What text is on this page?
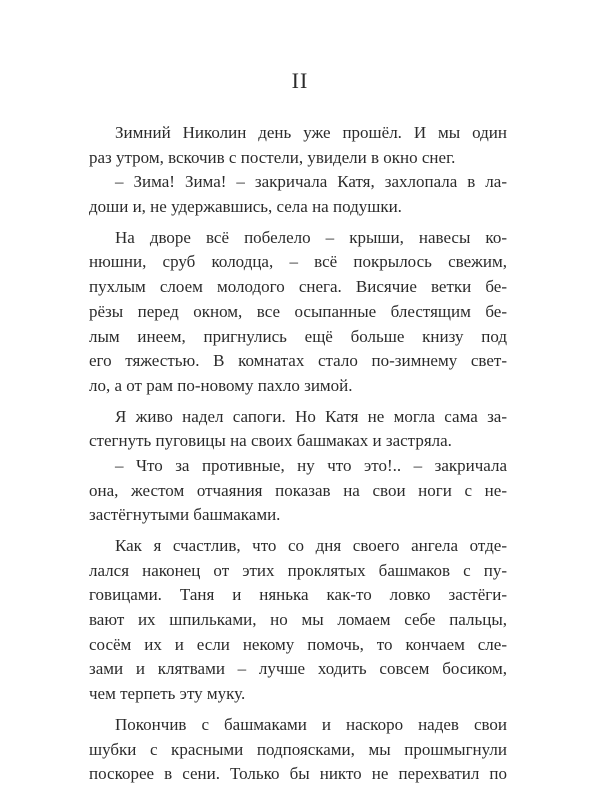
II
Зимний Николин день уже прошёл. И мы один
раз утром, вскочив с постели, увидели в окно снег.
– Зима! Зима! – закричала Катя, захлопала в ла-
доши и, не удержавшись, села на подушки.
На дворе всё побелело – крыши, навесы ко-
нюшни, сруб колодца, – всё покрылось свежим,
пухлым слоем молодого снега. Висячие ветки бе-
рёзы перед окном, все осыпанные блестящим бе-
лым инеем, пригнулись ещё больше книзу под
его тяжестью. В комнатах стало по-зимнему свет-
ло, а от рам по-новому пахло зимой.
Я живо надел сапоги. Но Катя не могла сама за-
стегнуть пуговицы на своих башмаках и застряла.
– Что за противные, ну что это!.. – закричала
она, жестом отчаяния показав на свои ноги с не-
застёгнутыми башмаками.
Как я счастлив, что со дня своего ангела отде-
лался наконец от этих проклятых башмаков с пу-
говицами. Таня и нянька как-то ловко застёги-
вают их шпильками, но мы ломаем себе пальцы,
сосём их и если некому помочь, то кончаем сле-
зами и клятвами – лучше ходить совсем босиком,
чем терпеть эту муку.
Покончив с башмаками и наскоро надев свои
шубки с красными подпоясками, мы прошмыгнули
поскорее в сени. Только бы никто не перехватил по
